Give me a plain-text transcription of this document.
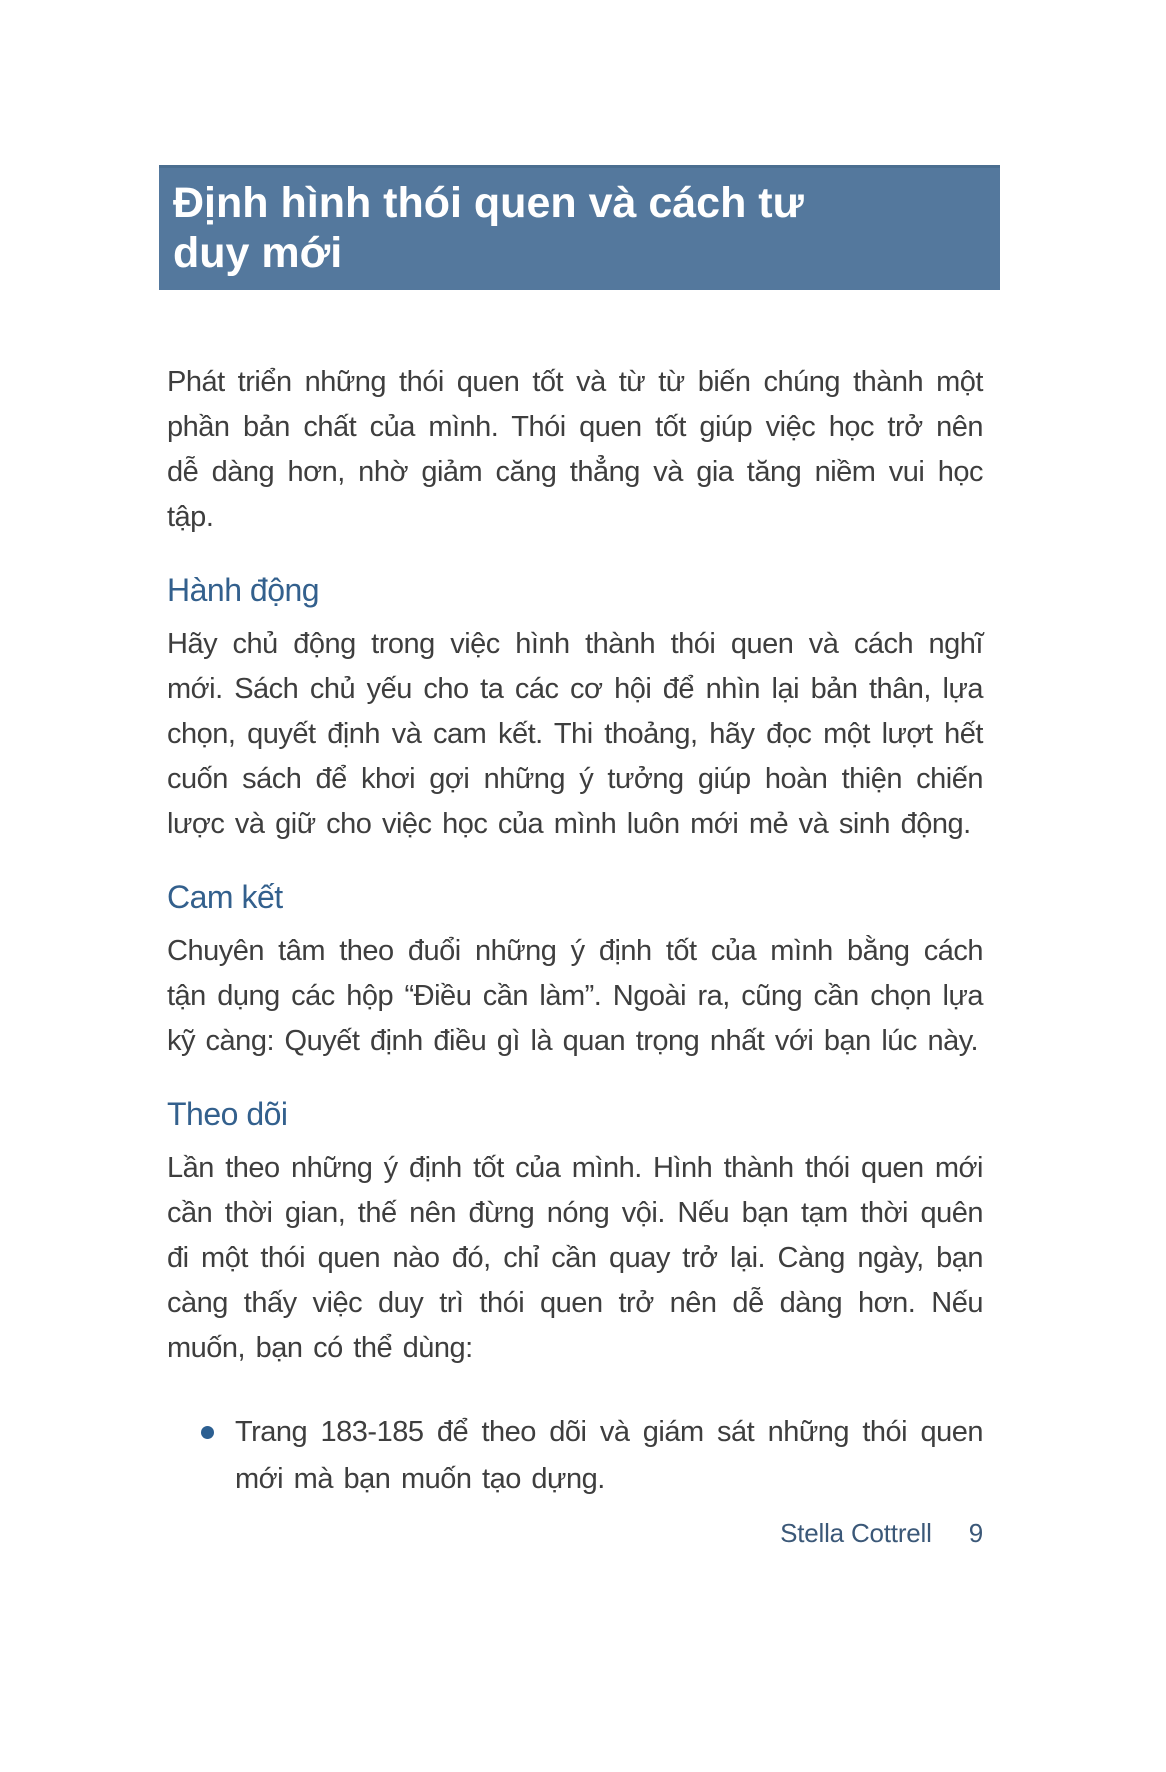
Định hình thói quen và cách tư duy mới

Phát triển những thói quen tốt và từ từ biến chúng thành một phần bản chất của mình. Thói quen tốt giúp việc học trở nên dễ dàng hơn, nhờ giảm căng thẳng và gia tăng niềm vui học tập.

Hành động

Hãy chủ động trong việc hình thành thói quen và cách nghĩ mới. Sách chủ yếu cho ta các cơ hội để nhìn lại bản thân, lựa chọn, quyết định và cam kết. Thi thoảng, hãy đọc một lượt hết cuốn sách để khơi gợi những ý tưởng giúp hoàn thiện chiến lược và giữ cho việc học của mình luôn mới mẻ và sinh động.

Cam kết

Chuyên tâm theo đuổi những ý định tốt của mình bằng cách tận dụng các hộp “Điều cần làm”. Ngoài ra, cũng cần chọn lựa kỹ càng: Quyết định điều gì là quan trọng nhất với bạn lúc này.

Theo dõi

Lần theo những ý định tốt của mình. Hình thành thói quen mới cần thời gian, thế nên đừng nóng vội. Nếu bạn tạm thời quên đi một thói quen nào đó, chỉ cần quay trở lại. Càng ngày, bạn càng thấy việc duy trì thói quen trở nên dễ dàng hơn. Nếu muốn, bạn có thể dùng:

Trang 183-185 để theo dõi và giám sát những thói quen mới mà bạn muốn tạo dựng.
Stella Cottrell 9
